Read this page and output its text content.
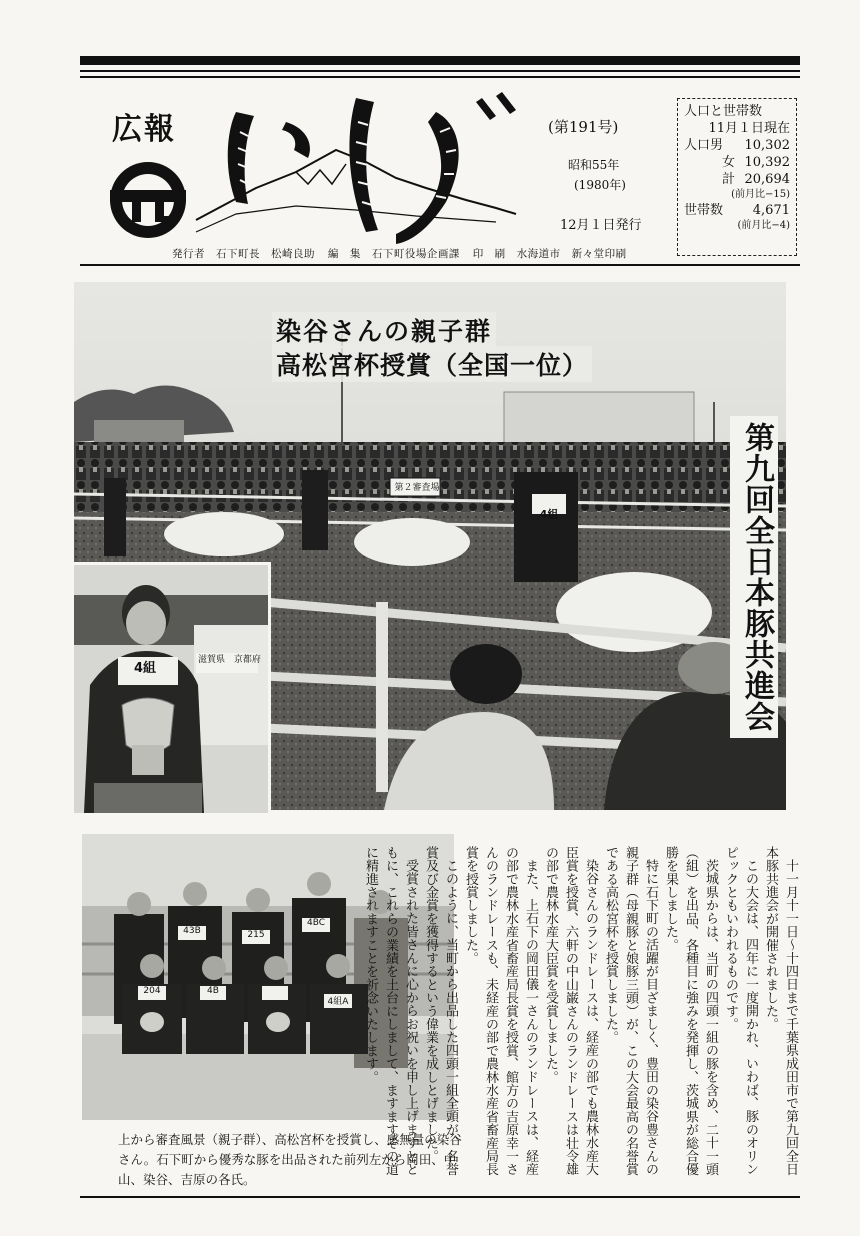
広報	(第191号)
昭和55年
(1980年)
12月１日発行
人口と世帯数
11月１日現在
人口男 10,302
女 10,392
計 20,694
(前月比−15)
世帯数 4,671
(前月比−4)
発行者　石下町長　松崎良助 編　集　石下町役場企画課 印　刷　水海道市　新々堂印刷
第２審査場
4組
4組
滋賀県 京都府
染谷さんの親子群
高松宮杯授賞（全国一位）
第九回全日本豚共進会
43B	215
4BC
204	4B
4組A
上から審査風景（親子群）、高松宮杯を授賞し、感無量の染谷さん。石下町から優秀な豚を出品された前列左から岡田、中山、染谷、吉原の各氏。

十一月十一日〜十四日まで千葉県成田市で第九回全日本豚共進会が開催されました。

この大会は、四年に一度開かれ、いわば、豚のオリンピックともいわれるものです。

茨城県からは、当町の四頭一組の豚を含め、二十一頭（組）を出品、各種目に強みを発揮し、茨城県が総合優勝を果しました。

特に石下町の活躍が目ざましく、豊田の染谷豊さんの親子群（母親豚と娘豚三頭）が、この大会最高の名誉賞である高松宮杯を授賞しました。

染谷さんのランドレースは、経産の部でも農林水産大臣賞を授賞、六軒の中山巌さんのランドレースは壮令雄の部で農林水産大臣賞を受賞しました。

また、上石下の岡田儀一さんのランドレースは、経産の部で農林水産省畜産局長賞を授賞、館方の吉原幸一さんのランドレースも、未経産の部で農林水産省畜産局長賞を授賞しました。

このように、当町から出品した四頭一組全頭が、名誉賞及び金賞を獲得するという偉業を成しとげました。

受賞された皆さんに心からお祝いを申し上げますとともに、これらの業績を土台にしまして、ますますその道に精進されますことを祈念いたします。
